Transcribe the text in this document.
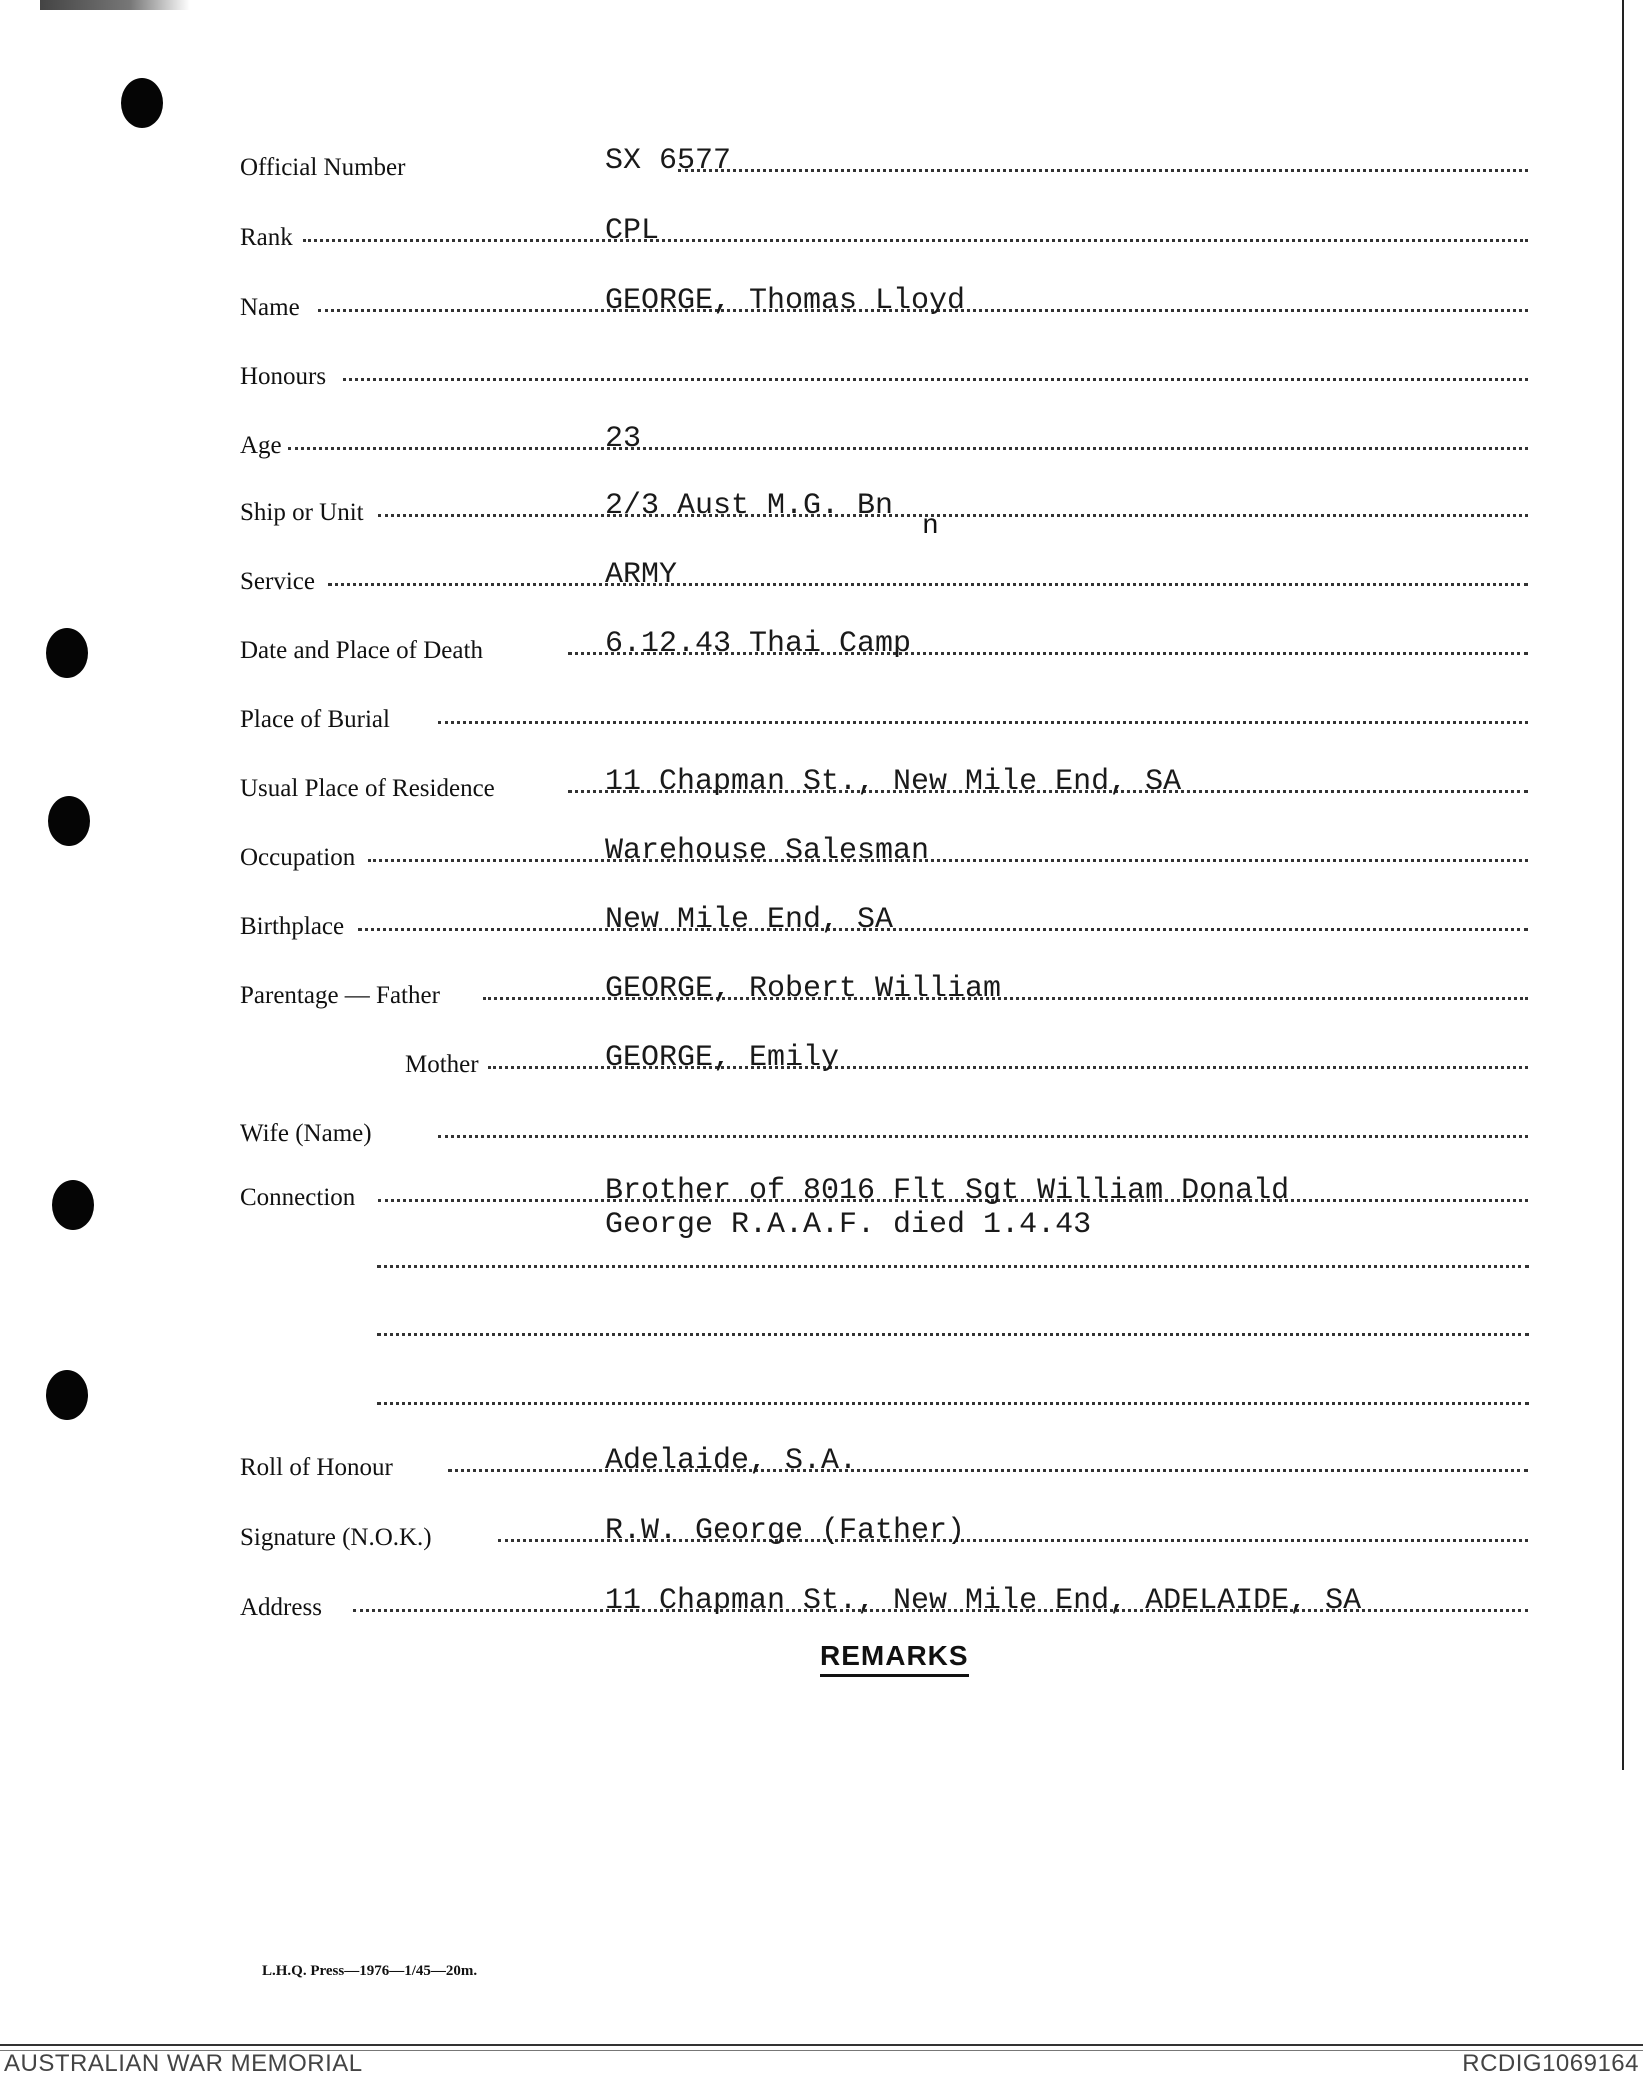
Official Number	SX 6577
Rank	CPL
Name	GEORGE, Thomas Lloyd
Honours
Age	23
Ship or Unit	2/3 Aust M.G. Bn
n
Service	ARMY
Date and Place of Death	6.12.43 Thai Camp
Place of Burial
Usual Place of Residence	11 Chapman St., New Mile End, SA
Occupation	Warehouse Salesman
Birthplace	New Mile End, SA
Parentage — Father	GEORGE, Robert William
Mother	GEORGE, Emily
Wife (Name)
Connection	Brother of 8016 Flt Sgt William Donald
George R.A.A.F. died 1.4.43
Roll of Honour	Adelaide, S.A.
Signature (N.O.K.)	R.W. George (Father)
Address	11 Chapman St., New Mile End, ADELAIDE, SA
REMARKS
L.H.Q. Press—1976—1/45—20m.
AUSTRALIAN WAR MEMORIAL	RCDIG1069164
